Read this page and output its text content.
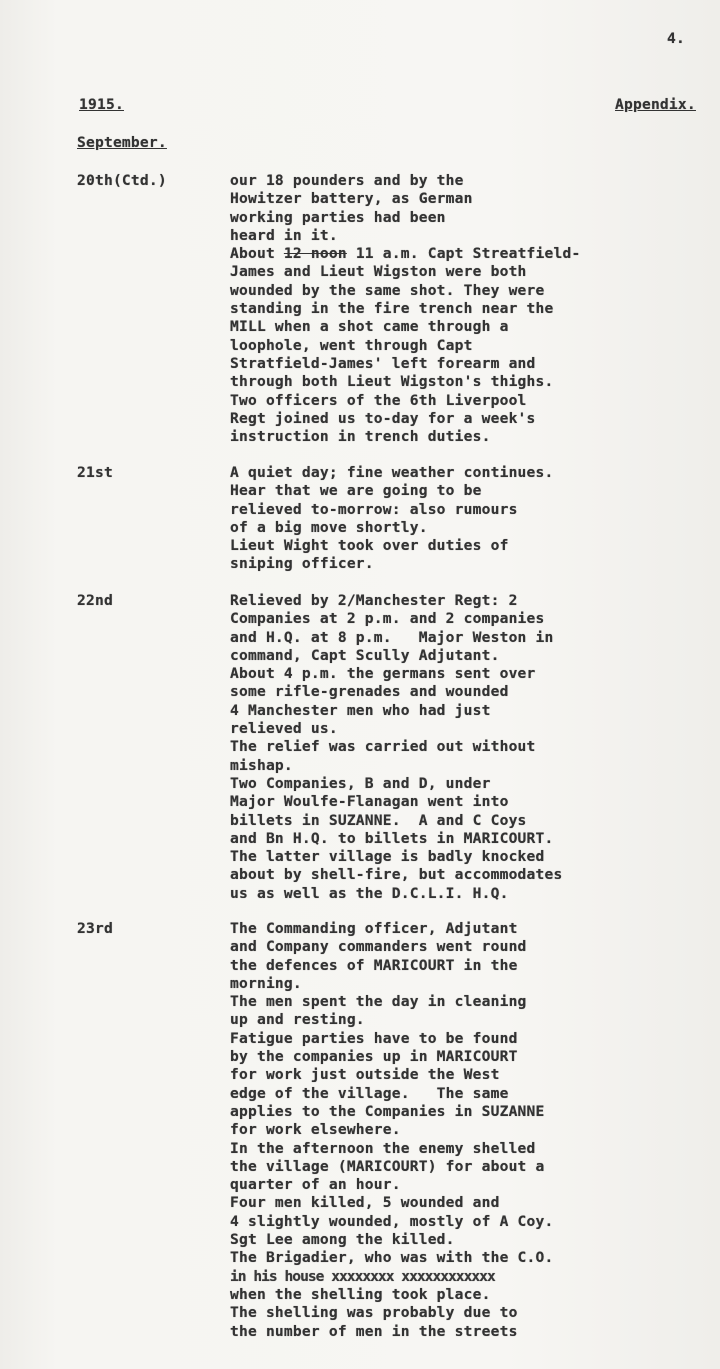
4.
1915.	Appendix.
September.
20th(Ctd.)	our 18 pounders and by the
Howitzer battery, as German
working parties had been
heard in it.
About 12 noon 11 a.m. Capt Streatfield-
James and Lieut Wigston were both
wounded by the same shot. They were
standing in the fire trench near the
MILL when a shot came through a
loophole, went through Capt
Stratfield-James' left forearm and
through both Lieut Wigston's thighs.
Two officers of the 6th Liverpool
Regt joined us to-day for a week's
instruction in trench duties.
21st	A quiet day; fine weather continues.
Hear that we are going to be
relieved to-morrow: also rumours
of a big move shortly.
Lieut Wight took over duties of
sniping officer.
22nd	Relieved by 2/Manchester Regt: 2
Companies at 2 p.m. and 2 companies
and H.Q. at 8 p.m.   Major Weston in
command, Capt Scully Adjutant.
About 4 p.m. the germans sent over
some rifle-grenades and wounded
4 Manchester men who had just
relieved us.
The relief was carried out without
mishap.
Two Companies, B and D, under
Major Woulfe-Flanagan went into
billets in SUZANNE.  A and C Coys
and Bn H.Q. to billets in MARICOURT.
The latter village is badly knocked
about by shell-fire, but accommodates
us as well as the D.C.L.I. H.Q.
23rd	The Commanding officer, Adjutant
and Company commanders went round
the defences of MARICOURT in the
morning.
The men spent the day in cleaning
up and resting.
Fatigue parties have to be found
by the companies up in MARICOURT
for work just outside the West
edge of the village.   The same
applies to the Companies in SUZANNE
for work elsewhere.
In the afternoon the enemy shelled
the village (MARICOURT) for about a
quarter of an hour.
Four men killed, 5 wounded and
4 slightly wounded, mostly of A Coy.
Sgt Lee among the killed.
The Brigadier, who was with the C.O.
in his house xxxxxxxx xxxxxxxxxxxx
when the shelling took place.
The shelling was probably due to
the number of men in the streets
